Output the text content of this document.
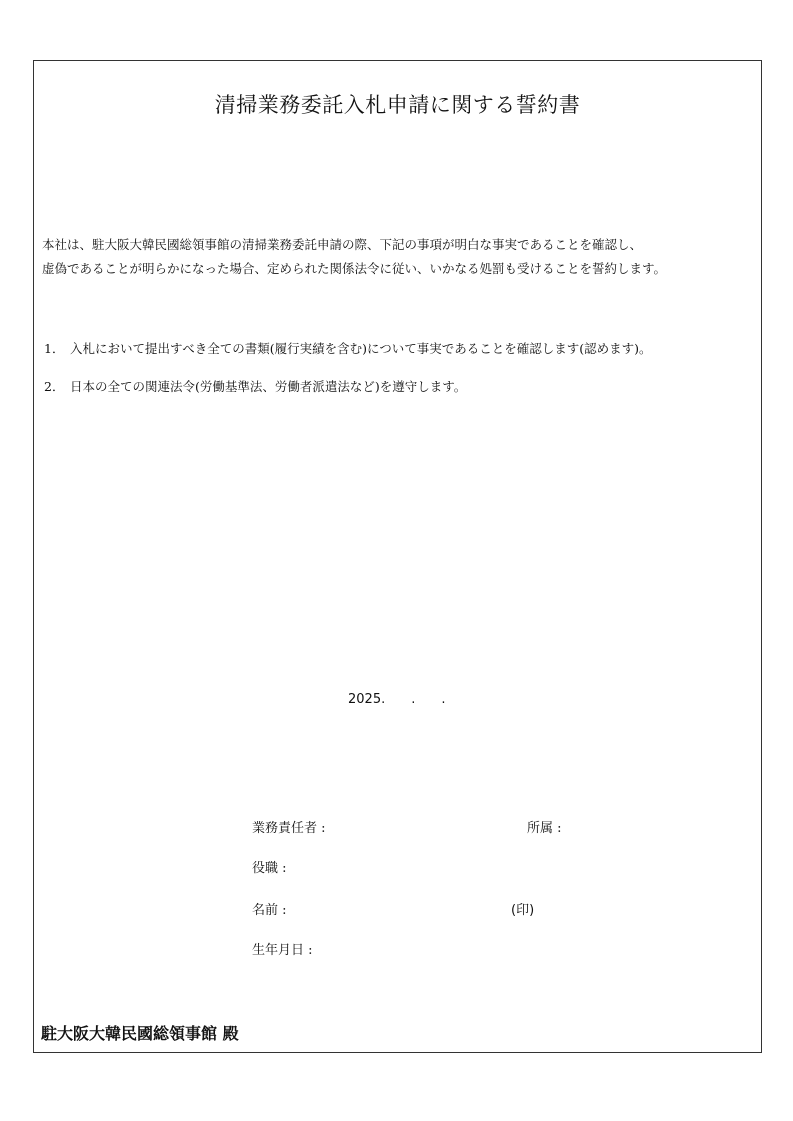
清掃業務委託入札申請に関する誓約書
本社は、駐大阪大韓民國総領事館の清掃業務委託申請の際、下記の事項が明白な事実であることを確認し、
虚偽であることが明らかになった場合、定められた関係法令に従い、いかなる処罰も受けることを誓約します。
1． 入札において提出すべき全ての書類(履行実績を含む)について事実であることを確認します(認めます)。
2． 日本の全ての関連法令(労働基準法、労働者派遣法など)を遵守します。
2025. . .
業務責任者 :	所属 :
役職 :
名前 :	(印)
生年月日 :
駐大阪大韓民國総領事館 殿
